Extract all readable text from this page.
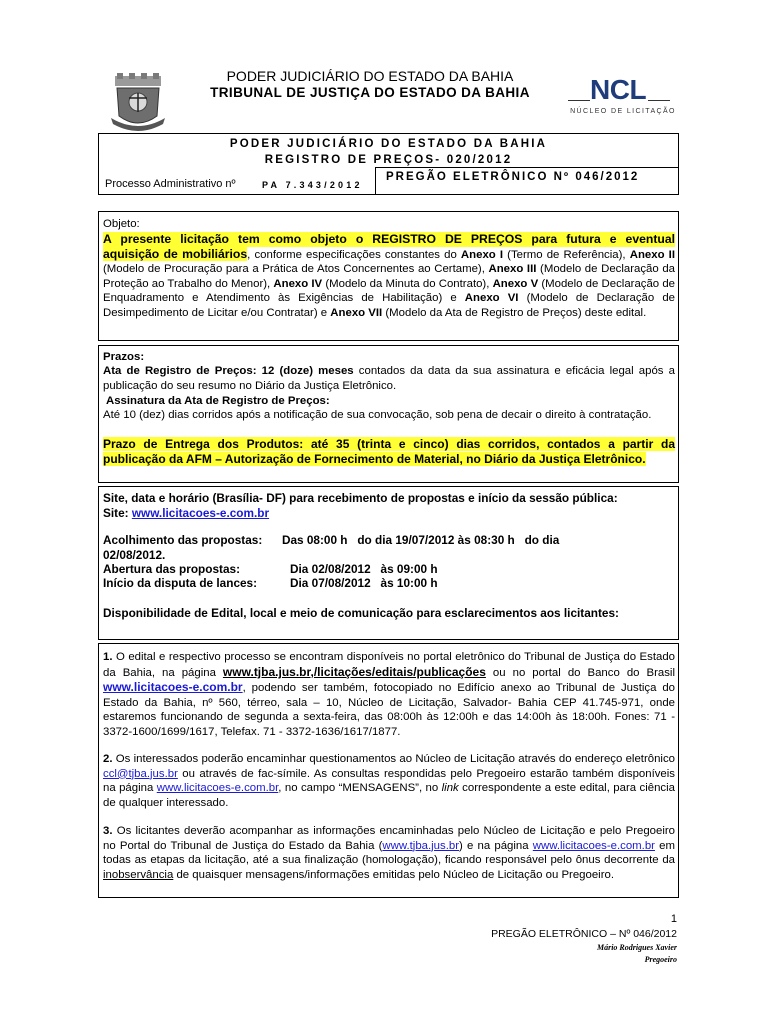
PODER JUDICIÁRIO DO ESTADO DA BAHIA
TRIBUNAL DE JUSTIÇA DO ESTADO DA BAHIA	NCL
NÚCLEO DE LICITAÇÃO
PODER JUDICIÁRIO DO ESTADO DA BAHIA
REGISTRO DE PREÇOS- 020/2012
Processo Administrativo nº	PA 7.343/2012
PREGÃO ELETRÔNICO Nº 046/2012
Objeto:
A presente licitação tem como objeto o REGISTRO DE PREÇOS para futura e eventual
aquisição de mobiliários, conforme especificações constantes do Anexo I (Termo de Referência), Anexo II (Modelo de Procuração para a Prática de Atos Concernentes ao Certame), Anexo III (Modelo de Declaração da Proteção ao Trabalho do Menor), Anexo IV (Modelo da Minuta do Contrato), Anexo V (Modelo de Declaração de Enquadramento e Atendimento às Exigências de Habilitação) e Anexo VI (Modelo de Declaração de Desimpedimento de Licitar e/ou Contratar) e Anexo VII (Modelo da Ata de Registro de Preços) deste edital.
Prazos:
Ata de Registro de Preços: 12 (doze) meses contados da data da sua assinatura e eficácia legal após a publicação do seu resumo no Diário da Justiça Eletrônico.
Assinatura da Ata de Registro de Preços:
Até 10 (dez) dias corridos após a notificação de sua convocação, sob pena de decair o direito à contratação.
Prazo de Entrega dos Produtos: até 35 (trinta e cinco) dias corridos, contados a partir da publicação da AFM – Autorização de Fornecimento de Material, no Diário da Justiça Eletrônico.
Site, data e horário (Brasília- DF) para recebimento de propostas e início da sessão pública:
Site: www.licitacoes-e.com.br
Acolhimento das propostas:      Das 08:00 h   do dia 19/07/2012 às 08:30 h   do dia
02/08/2012.
Abertura das propostas:	Dia 02/08/2012   às 09:00 h
Início da disputa de lances:	Dia 07/08/2012   às 10:00 h
Disponibilidade de Edital, local e meio de comunicação para esclarecimentos aos licitantes:
1. O edital e respectivo processo se encontram disponíveis no portal eletrônico do Tribunal de Justiça do Estado da Bahia, na página www.tjba.jus.br,/licitações/editais/publicações ou no portal do Banco do Brasil www.licitacoes-e.com.br, podendo ser também, fotocopiado no Edifício anexo ao Tribunal de Justiça do Estado da Bahia, nº 560, térreo, sala – 10, Núcleo de Licitação, Salvador- Bahia CEP 41.745-971, onde estaremos funcionando de segunda a sexta-feira, das 08:00h às 12:00h e das 14:00h às 18:00h. Fones: 71 - 3372-1600/1699/1617, Telefax. 71 - 3372-1636/1617/1877.
2. Os interessados poderão encaminhar questionamentos ao Núcleo de Licitação através do endereço eletrônico ccl@tjba.jus.br ou através de fac-símile. As consultas respondidas pelo Pregoeiro estarão também disponíveis na página www.licitacoes-e.com.br, no campo “MENSAGENS”, no link correspondente a este edital, para ciência de qualquer interessado.
3. Os licitantes deverão acompanhar as informações encaminhadas pelo Núcleo de Licitação e pelo Pregoeiro no Portal do Tribunal de Justiça do Estado da Bahia (www.tjba.jus.br) e na página www.licitacoes-e.com.br em todas as etapas da licitação, até a sua finalização (homologação), ficando responsável pelo ônus decorrente da inobservância de quaisquer mensagens/informações emitidas pelo Núcleo de Licitação ou Pregoeiro.
1
PREGÃO ELETRÔNICO – Nº 046/2012
Mário Rodrigues Xavier
Pregoeiro
